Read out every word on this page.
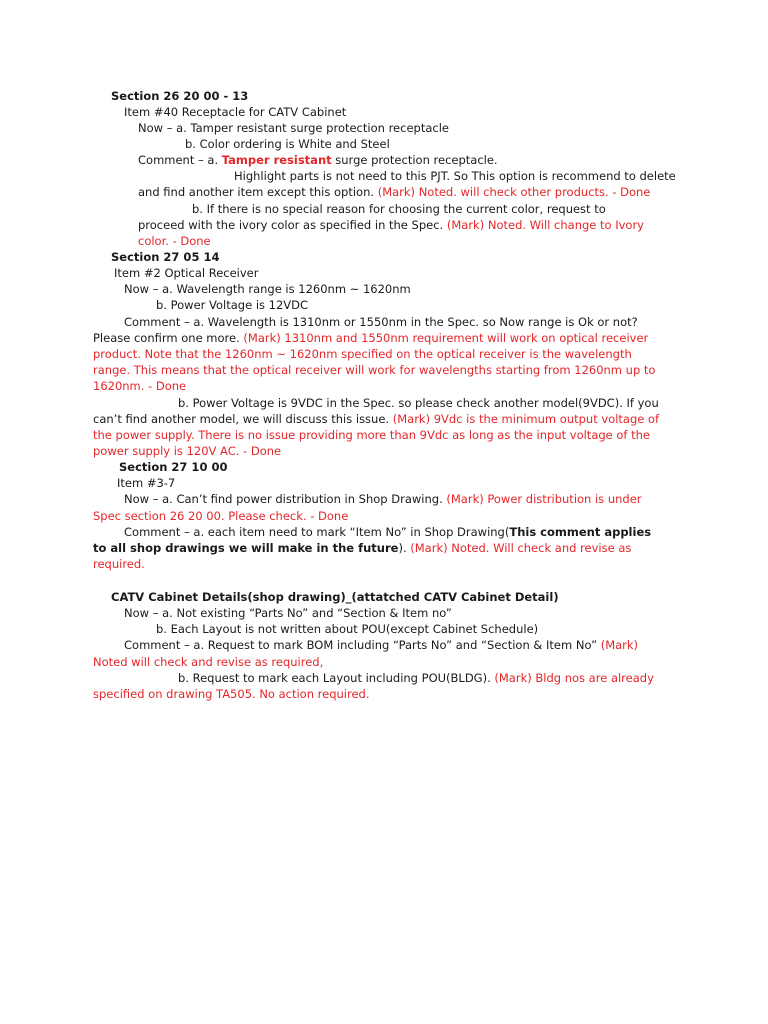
Section 26 20 00 - 13
Item #40 Receptacle for CATV Cabinet
Now – a. Tamper resistant surge protection receptacle
b. Color ordering is White and Steel
Comment – a. Tamper resistant surge protection receptacle.
Highlight parts is not need to this PJT. So This option is recommend to delete
and find another item except this option. (Mark) Noted. will check other products. - Done
b. If there is no special reason for choosing the current color, request to
proceed with the ivory color as specified in the Spec. (Mark) Noted. Will change to Ivory
color. - Done
Section 27 05 14
Item #2 Optical Receiver
Now – a. Wavelength range is 1260nm ~ 1620nm
b. Power Voltage is 12VDC
Comment – a. Wavelength is 1310nm or 1550nm in the Spec. so Now range is Ok or not?
Please confirm one more. (Mark) 1310nm and 1550nm requirement will work on optical receiver
product. Note that the 1260nm ~ 1620nm specified on the optical receiver is the wavelength
range. This means that the optical receiver will work for wavelengths starting from 1260nm up to
1620nm. - Done
b. Power Voltage is 9VDC in the Spec. so please check another model(9VDC). If you
can’t find another model, we will discuss this issue. (Mark) 9Vdc is the minimum output voltage of
the power supply. There is no issue providing more than 9Vdc as long as the input voltage of the
power supply is 120V AC. - Done
Section 27 10 00
Item #3-7
Now – a. Can’t find power distribution in Shop Drawing. (Mark) Power distribution is under
Spec section 26 20 00. Please check. - Done
Comment – a. each item need to mark “Item No” in Shop Drawing(This comment applies
to all shop drawings we will make in the future). (Mark) Noted. Will check and revise as
required.
CATV Cabinet Details(shop drawing)_(attatched CATV Cabinet Detail)
Now – a. Not existing “Parts No” and “Section & Item no”
b. Each Layout is not written about POU(except Cabinet Schedule)
Comment – a. Request to mark BOM including “Parts No” and “Section & Item No” (Mark)
Noted will check and revise as required,
b. Request to mark each Layout including POU(BLDG). (Mark) Bldg nos are already
specified on drawing TA505. No action required.
